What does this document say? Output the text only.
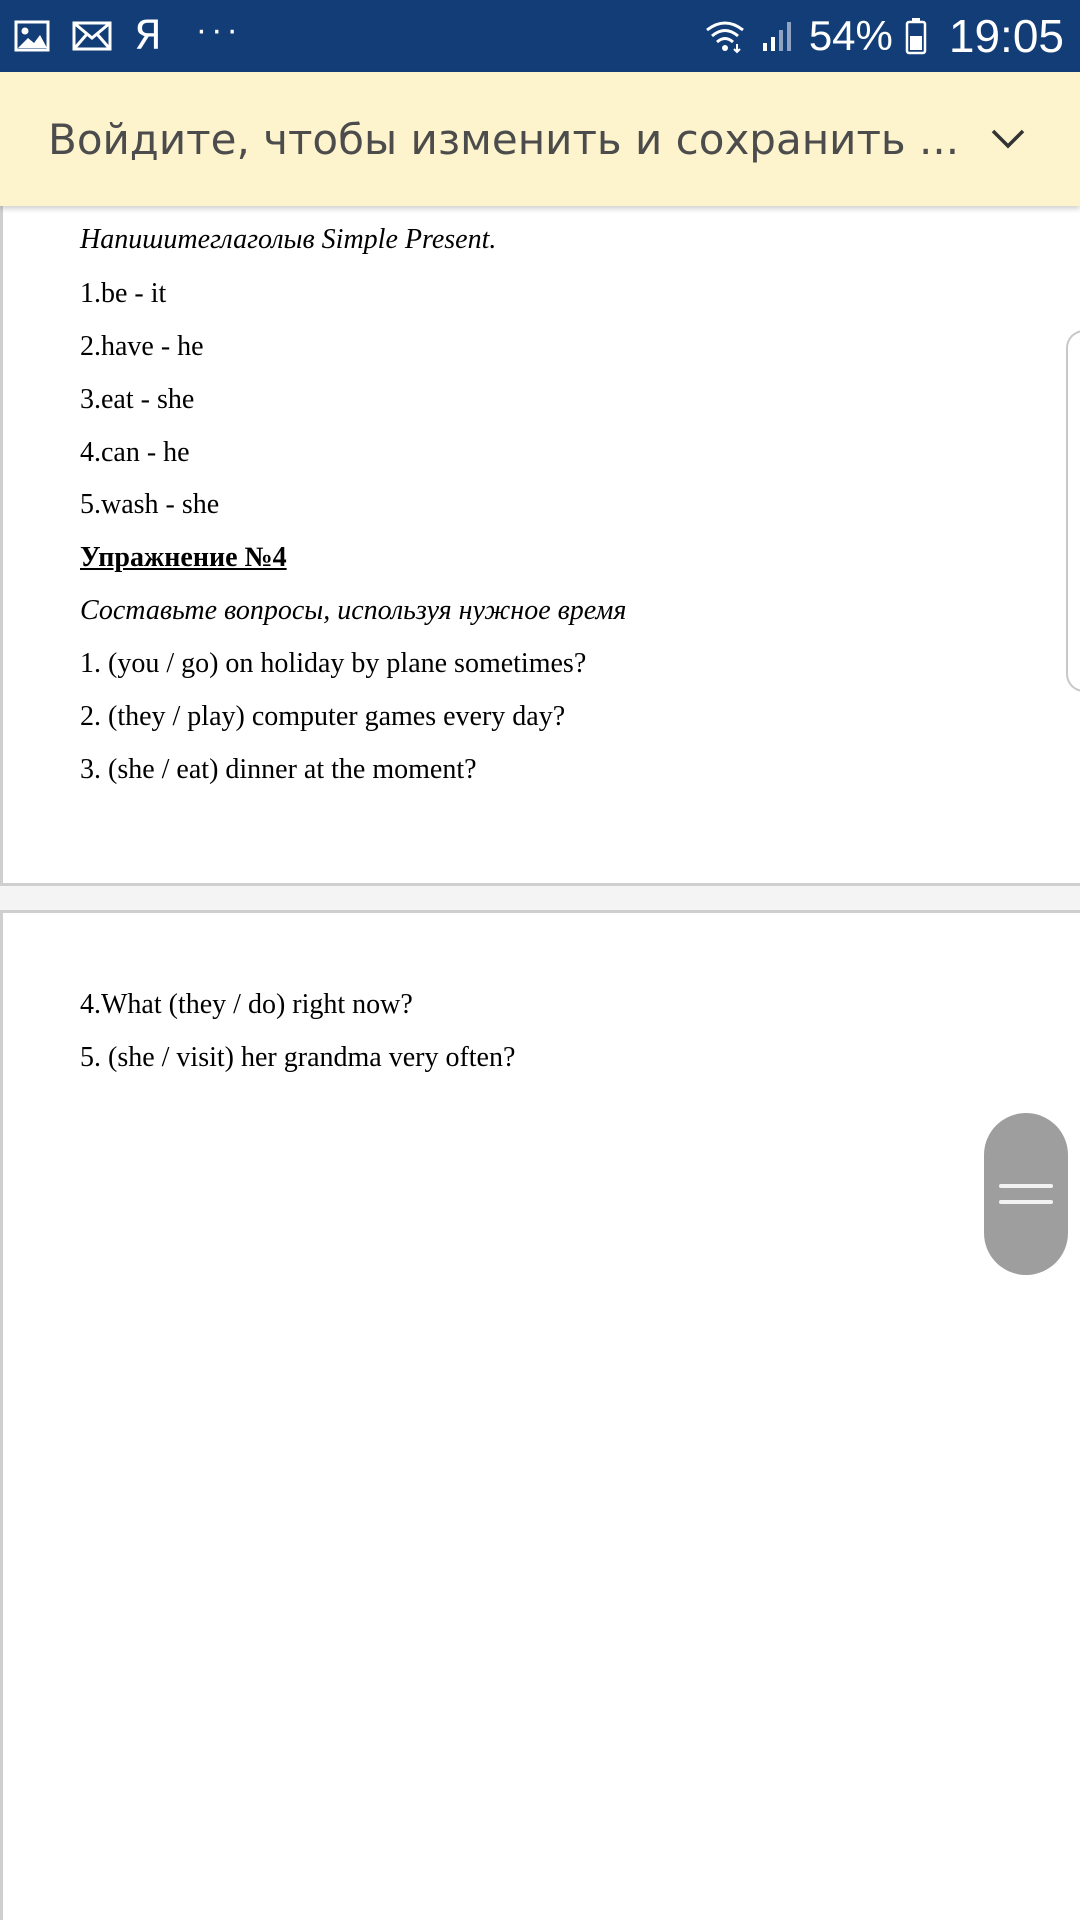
Я ···	54% 19:05
Войдите, чтобы изменить и сохранить ...
Напишитеглаголыв Simple Present.
1.be - it
2.have - he
3.eat - she
4.can - he
5.wash - she
Упражнение №4
Составьте вопросы, используя нужное время
1. (you / go) on holiday by plane sometimes?
2. (they / play) computer games every day?
3. (she / eat) dinner at the moment?
4.What (they / do) right now?
5. (she / visit) her grandma very often?
